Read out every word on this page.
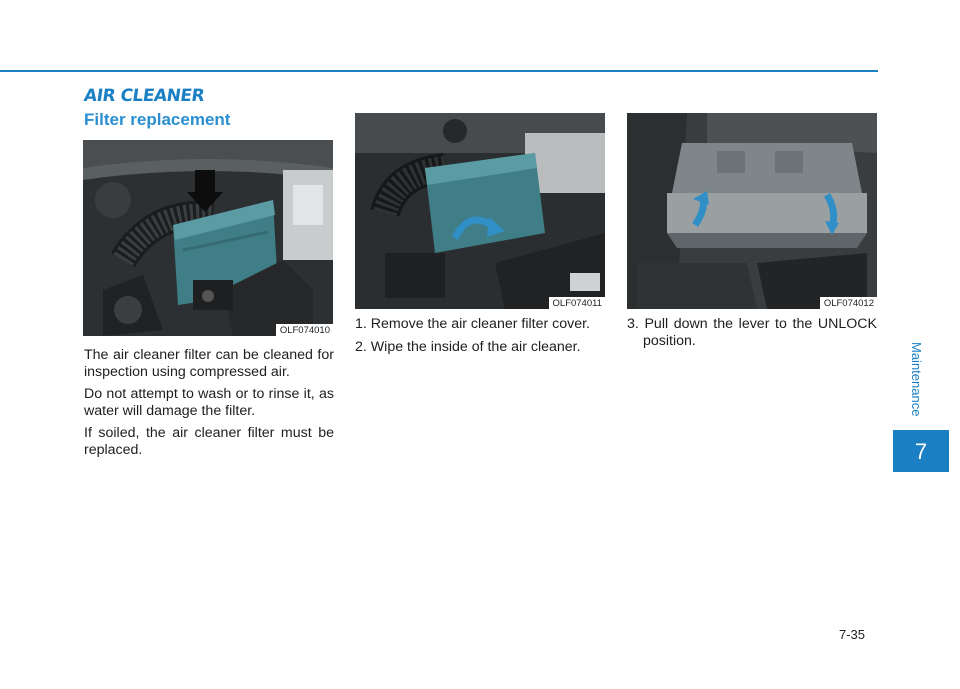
AIR CLEANER
Filter replacement
OLF074010
OLF074011	OLF074012

The air cleaner filter can be cleaned for inspection using compressed air.

Do not attempt to wash or to rinse it, as water will damage the filter.

If soiled, the air cleaner filter must be replaced.

1. Remove the air cleaner filter cover.

2. Wipe the inside of the air cleaner.

3. Pull down the lever to the UNLOCK position.

Maintenance
7
7-35
